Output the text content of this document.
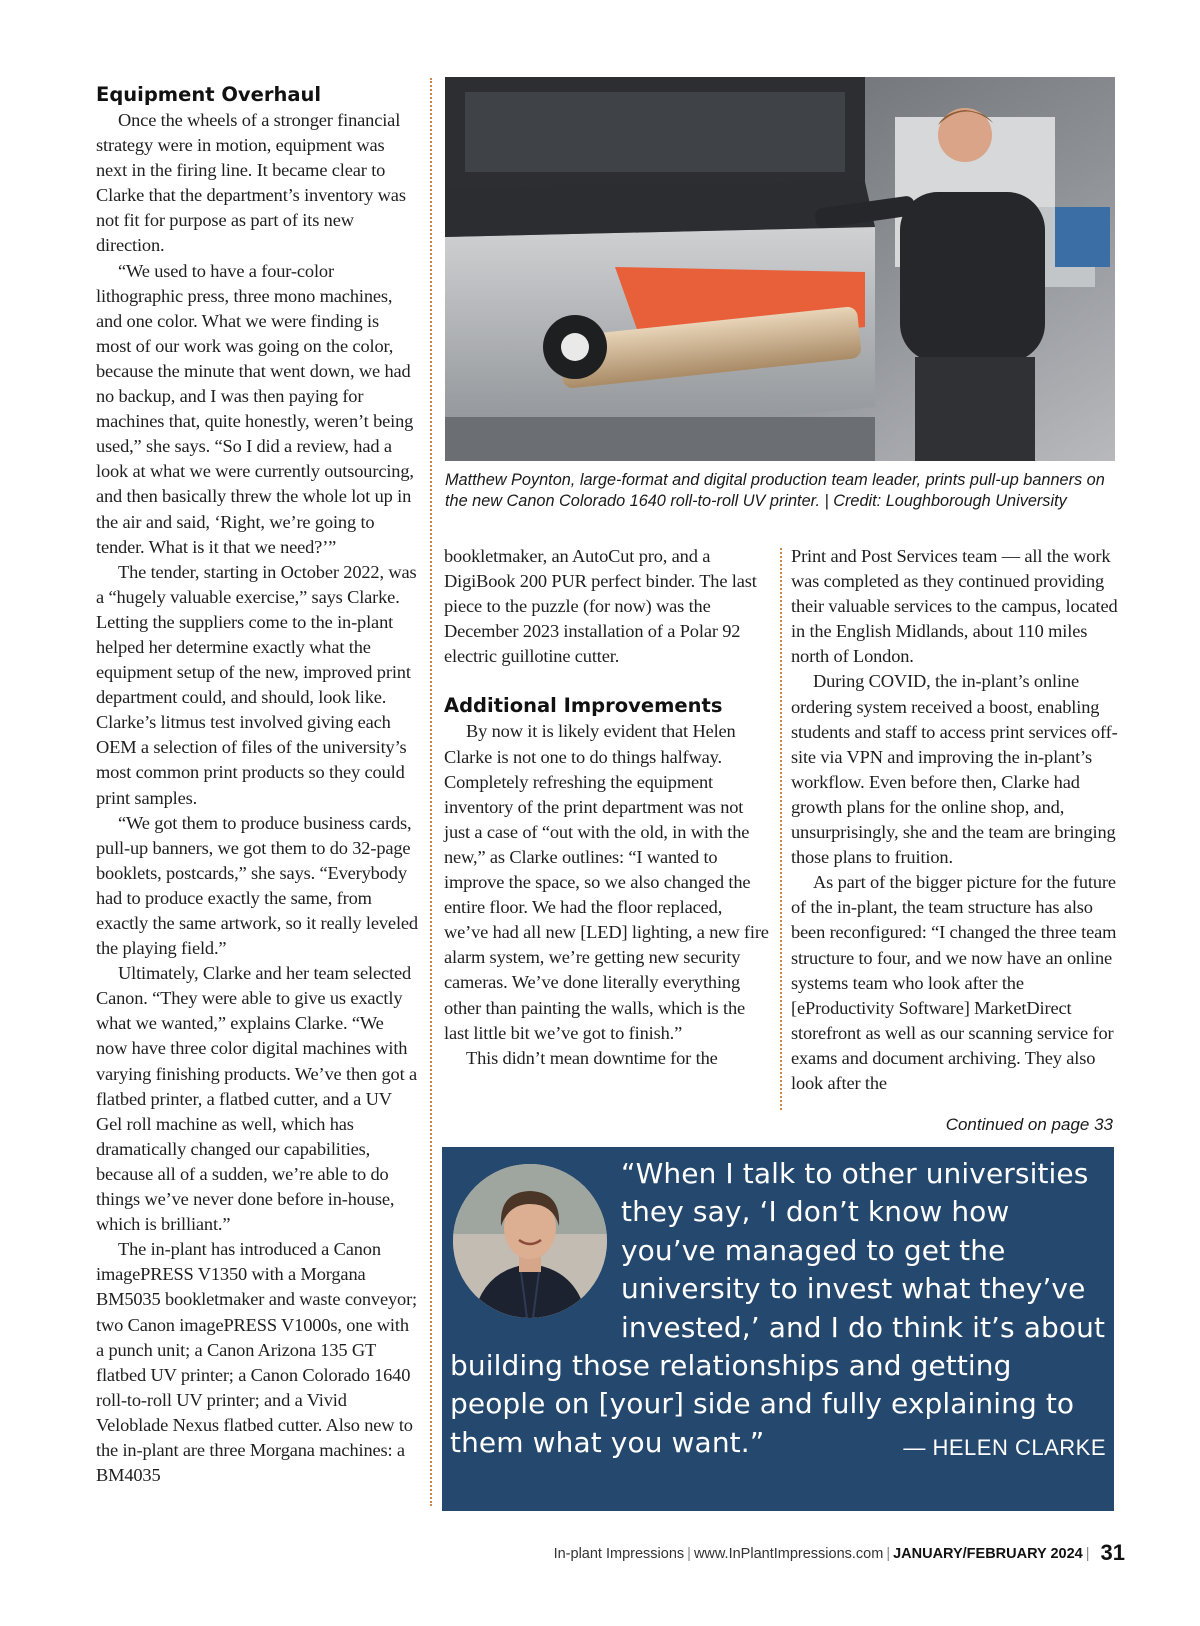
Equipment Overhaul

Once the wheels of a stronger financial strategy were in motion, equipment was next in the firing line. It became clear to Clarke that the department’s inventory was not fit for purpose as part of its new direction.

“We used to have a four-color lithographic press, three mono machines, and one color. What we were finding is most of our work was going on the color, because the minute that went down, we had no backup, and I was then paying for machines that, quite honestly, weren’t being used,” she says. “So I did a review, had a look at what we were currently outsourcing, and then basically threw the whole lot up in the air and said, ‘Right, we’re going to tender. What is it that we need?’”

The tender, starting in October 2022, was a “hugely valuable exercise,” says Clarke. Letting the suppliers come to the in-plant helped her determine exactly what the equipment setup of the new, improved print department could, and should, look like. Clarke’s litmus test involved giving each OEM a selection of files of the university’s most common print products so they could print samples.

“We got them to produce business cards, pull-up banners, we got them to do 32-page booklets, postcards,” she says. “Everybody had to produce exactly the same, from exactly the same artwork, so it really leveled the playing field.”

Ultimately, Clarke and her team selected Canon. “They were able to give us exactly what we wanted,” explains Clarke. “We now have three color digital machines with varying finishing products. We’ve then got a flatbed printer, a flatbed cutter, and a UV Gel roll machine as well, which has dramatically changed our capabilities, because all of a sudden, we’re able to do things we’ve never done before in-house, which is brilliant.”

The in-plant has introduced a Canon imagePRESS V1350 with a Morgana BM5035 bookletmaker and waste conveyor; two Canon imagePRESS V1000s, one with a punch unit; a Canon Arizona 135 GT flatbed UV printer; a Canon Colorado 1640 roll-to-roll UV printer; and a Vivid Veloblade Nexus flatbed cutter. Also new to the in-plant are three Morgana machines: a BM4035

Matthew Poynton, large-format and digital production team leader, prints pull-up banners on the new Canon Colorado 1640 roll-to-roll UV printer. | Credit: Loughborough University

bookletmaker, an AutoCut pro, and a DigiBook 200 PUR perfect binder. The last piece to the puzzle (for now) was the December 2023 installation of a Polar 92 electric guillotine cutter.

Additional Improvements

By now it is likely evident that Helen Clarke is not one to do things halfway. Completely refreshing the equipment inventory of the print department was not just a case of “out with the old, in with the new,” as Clarke outlines: “I wanted to improve the space, so we also changed the entire floor. We had the floor replaced, we’ve had all new [LED] lighting, a new fire alarm system, we’re getting new security cameras. We’ve done literally everything other than painting the walls, which is the last little bit we’ve got to finish.”

This didn’t mean downtime for the

Print and Post Services team — all the work was completed as they continued providing their valuable services to the campus, located in the English Midlands, about 110 miles north of London.

During COVID, the in-plant’s online ordering system received a boost, enabling students and staff to access print services off-site via VPN and improving the in-plant’s workflow. Even before then, Clarke had growth plans for the online shop, and, unsurprisingly, she and the team are bringing those plans to fruition.

As part of the bigger picture for the future of the in-plant, the team structure has also been reconfigured: “I changed the three team structure to four, and we now have an online systems team who look after the [eProductivity Software] MarketDirect storefront as well as our scanning service for exams and document archiving. They also look after the

Continued on page 33
“When I talk to other universities they say, ‘I don’t know how you’ve managed to get the university to invest what they’ve invested,’ and I do think it’s about building those relationships and getting people on [your] side and fully explaining to them what you want.”	— HELEN CLARKE
In-plant Impressions | www.InPlantImpressions.com | JANUARY/FEBRUARY 2024 | 31
